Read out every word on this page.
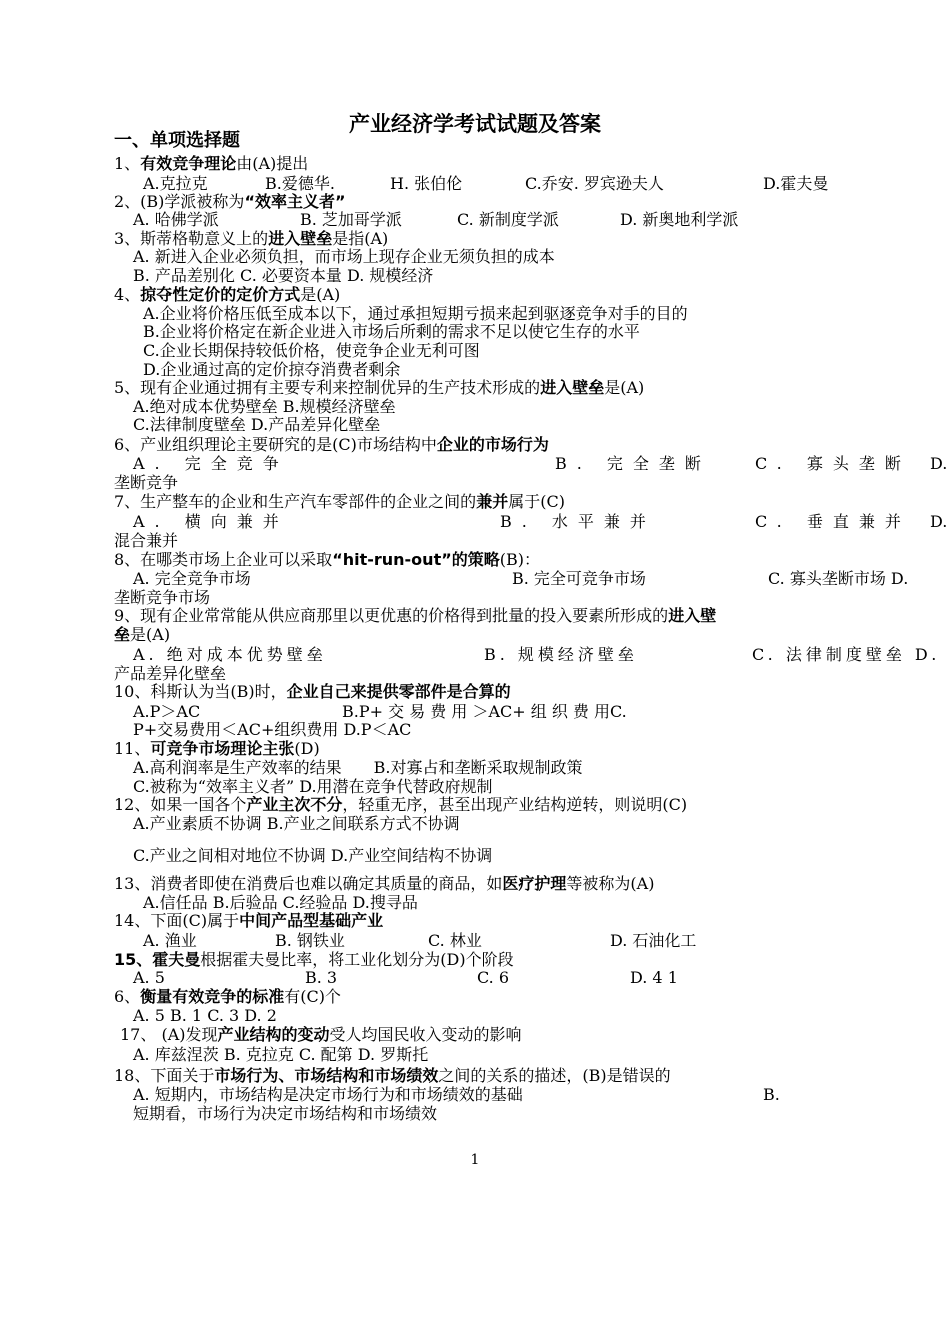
产业经济学考试试题及答案
一、单项选择题
1、有效竞争理论由(A)提出
A.克拉克	B.爱德华.	H. 张伯伦	C.乔安. 罗宾逊夫人	D.霍夫曼
2、(B)学派被称为“效率主义者”
A. 哈佛学派	B. 芝加哥学派	C. 新制度学派	D. 新奥地利学派
3、斯蒂格勒意义上的进入壁垒是指(A)
A. 新进入企业必须负担，而市场上现存企业无须负担的成本
B. 产品差别化 C. 必要资本量 D. 规模经济
4、掠夺性定价的定价方式是(A)
A.企业将价格压低至成本以下，通过承担短期亏损来起到驱逐竞争对手的目的
B.企业将价格定在新企业进入市场后所剩的需求不足以使它生存的水平
C.企业长期保持较低价格，使竞争企业无利可图
D.企业通过高的定价掠夺消费者剩余
5、现有企业通过拥有主要专利来控制优异的生产技术形成的进入壁垒是(A)
A.绝对成本优势壁垒 B.规模经济壁垒
C.法律制度壁垒 D.产品差异化壁垒
6、产业组织理论主要研究的是(C)市场结构中企业的市场行为
A. 完全竞争	B. 完全垄断	C. 寡头垄断 D.
垄断竞争
7、生产整车的企业和生产汽车零部件的企业之间的兼并属于(C)
A. 横向兼并	B. 水平兼并	C. 垂直兼并 D.
混合兼并
8、在哪类市场上企业可以采取“hit-run-out”的策略(B)：
A. 完全竞争市场	B. 完全可竞争市场	C. 寡头垄断市场 D.
垄断竞争市场
9、现有企业常常能从供应商那里以更优惠的价格得到批量的投入要素所形成的进入壁
垒是(A)
A. 绝对成本优势壁垒	B. 规模经济壁垒	C. 法律制度壁垒 D.
产品差异化壁垒
10、科斯认为当(B)时，企业自己来提供零部件是合算的
A.P＞AC	B.P+ 交 易 费 用 ＞AC+ 组 织 费 用C.
P+交易费用＜AC+组织费用 D.P＜AC
11、可竞争市场理论主张(D)
A.高利润率是生产效率的结果　　B.对寡占和垄断采取规制政策
C.被称为“效率主义者” D.用潜在竞争代替政府规制
12、如果一国各个产业主次不分，轻重无序，甚至出现产业结构逆转，则说明(C)
A.产业素质不协调 B.产业之间联系方式不协调
C.产业之间相对地位不协调 D.产业空间结构不协调
13、消费者即使在消费后也难以确定其质量的商品，如医疗护理等被称为(A)
A.信任品 B.后验品 C.经验品 D.搜寻品
14、下面(C)属于中间产品型基础产业
A. 渔业	B. 钢铁业	C. 林业	D. 石油化工
15、霍夫曼根据霍夫曼比率，将工业化划分为(D)个阶段
A. 5	B. 3	C. 6	D. 4 1
6、衡量有效竞争的标准有(C)个
A. 5 B. 1 C. 3 D. 2
17、 (A)发现产业结构的变动受人均国民收入变动的影响
A. 库兹涅茨 B. 克拉克 C. 配第 D. 罗斯托
18、下面关于市场行为、市场结构和市场绩效之间的关系的描述，(B)是错误的
A. 短期内，市场结构是决定市场行为和市场绩效的基础	B.
短期看，市场行为决定市场结构和市场绩效
1
